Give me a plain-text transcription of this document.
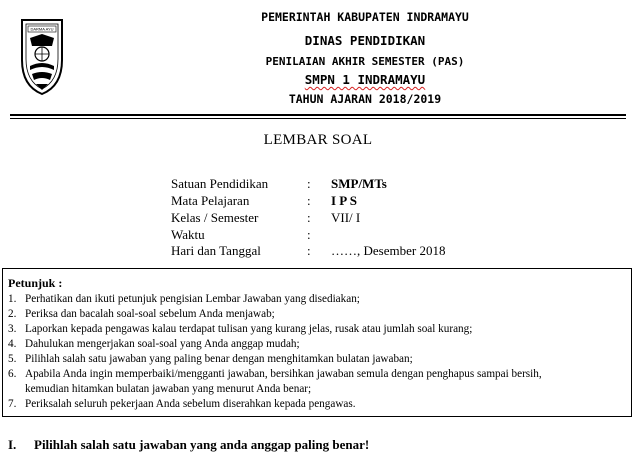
DARMA AYU
PEMERINTAH KABUPATEN INDRAMAYU
DINAS PENDIDIKAN
PENILAIAN AKHIR SEMESTER (PAS)
SMPN 1 INDRAMAYU
TAHUN AJARAN 2018/2019
LEMBAR SOAL
Satuan Pendidikan	: SMP/MTs
Mata Pelajaran	: I P S
Kelas / Semester	: VII/ I
Waktu	:
Hari dan Tanggal	: ……, Desember 2018
Petunjuk :
1. Perhatikan dan ikuti petunjuk pengisian Lembar Jawaban yang disediakan;
2. Periksa dan bacalah soal-soal sebelum Anda menjawab;
3. Laporkan kepada pengawas kalau terdapat tulisan yang kurang jelas, rusak atau jumlah soal kurang;
4. Dahulukan mengerjakan soal-soal yang Anda anggap mudah;
5. Pilihlah salah satu jawaban yang paling benar dengan menghitamkan bulatan jawaban;
6. Apabila Anda ingin memperbaiki/mengganti jawaban, bersihkan jawaban semula dengan penghapus sampai bersih,
kemudian hitamkan bulatan jawaban yang menurut Anda benar;
7. Periksalah seluruh pekerjaan Anda sebelum diserahkan kepada pengawas.
I. Pilihlah salah satu jawaban yang anda anggap paling benar!
